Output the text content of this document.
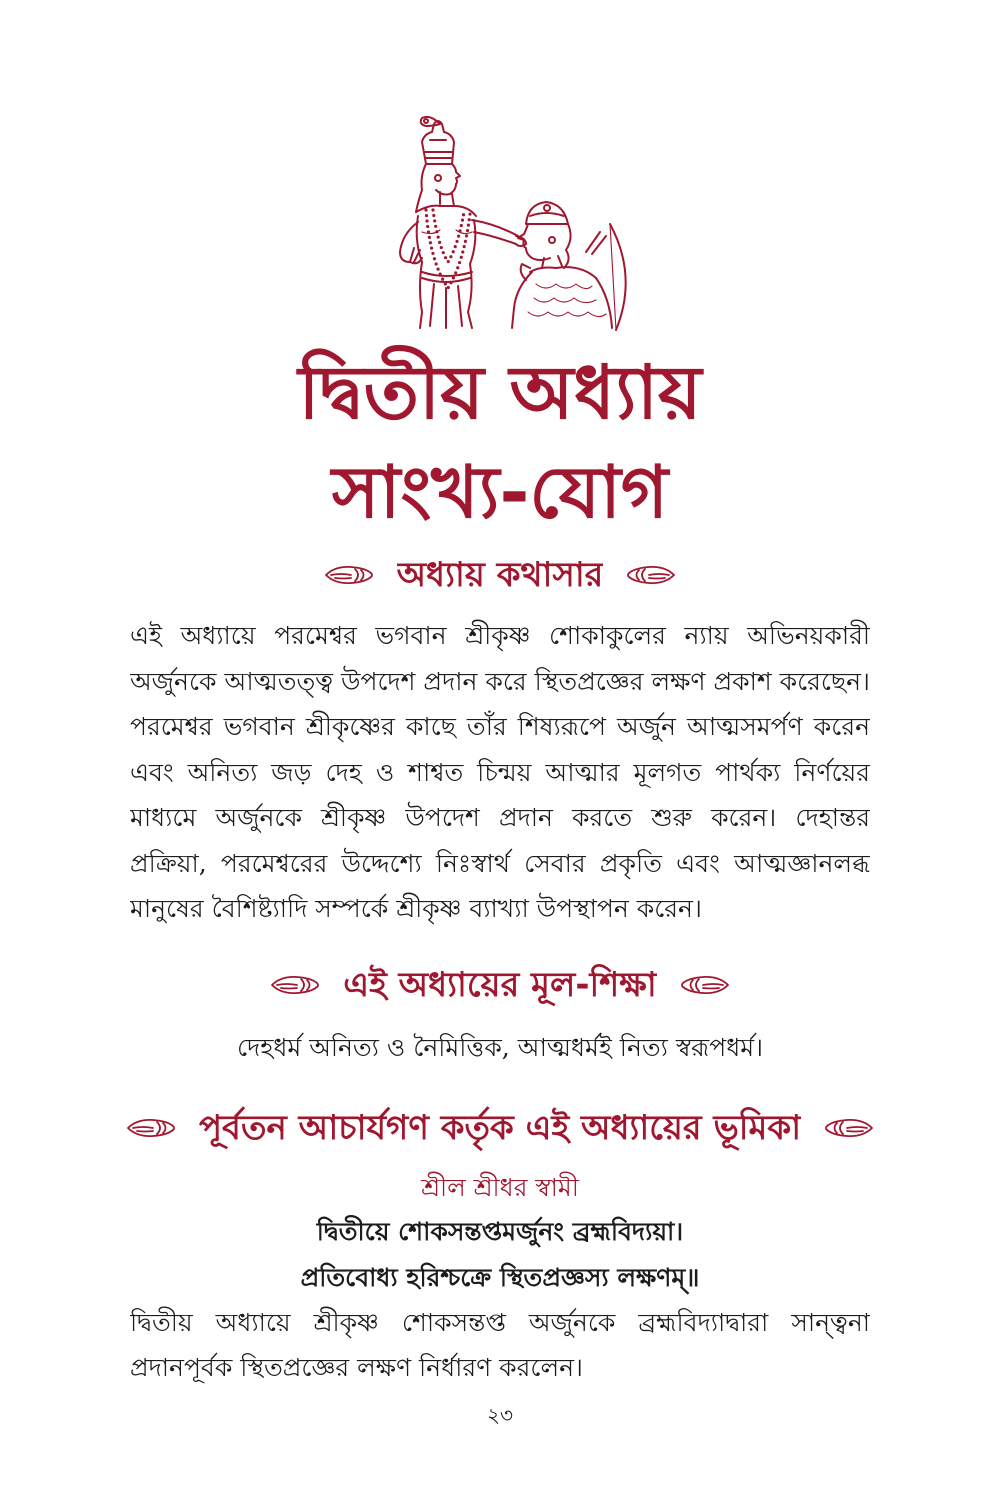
দ্বিতীয় অধ্যায়
সাংখ্য-যোগ
অধ্যায় কথাসার
এই অধ্যায়ে পরমেশ্বর ভগবান শ্রীকৃষ্ণ শোকাকুলের ন্যায় অভিনয়কারী
অর্জুনকে আত্মতত্ত্ব উপদেশ প্রদান করে স্থিতপ্রজ্ঞের লক্ষণ প্রকাশ করেছেন।
পরমেশ্বর ভগবান শ্রীকৃষ্ণের কাছে তাঁর শিষ্যরূপে অর্জুন আত্মসমর্পণ করেন
এবং অনিত্য জড় দেহ ও শাশ্বত চিন্ময় আত্মার মূলগত পার্থক্য নির্ণয়ের
মাধ্যমে অর্জুনকে শ্রীকৃষ্ণ উপদেশ প্রদান করতে শুরু করেন। দেহান্তর
প্রক্রিয়া, পরমেশ্বরের উদ্দেশ্যে নিঃস্বার্থ সেবার প্রকৃতি এবং আত্মজ্ঞানলব্ধ
মানুষের বৈশিষ্ট্যাদি সম্পর্কে শ্রীকৃষ্ণ ব্যাখ্যা উপস্থাপন করেন।
এই অধ্যায়ের মূল-শিক্ষা
দেহধর্ম অনিত্য ও নৈমিত্তিক, আত্মধর্মই নিত্য স্বরূপধর্ম।
পূর্বতন আচার্যগণ কর্তৃক এই অধ্যায়ের ভূমিকা
শ্রীল শ্রীধর স্বামী
দ্বিতীয়ে শোকসন্তপ্তমর্জুনং ব্রহ্মবিদ্যয়া।
প্রতিবোধ্য হরিশ্চক্রে স্থিতপ্রজ্ঞস্য লক্ষণম্॥
দ্বিতীয় অধ্যায়ে শ্রীকৃষ্ণ শোকসন্তপ্ত অর্জুনকে ব্রহ্মবিদ্যাদ্বারা সান্ত্বনা
প্রদানপূর্বক স্থিতপ্রজ্ঞের লক্ষণ নির্ধারণ করলেন।
২৩
